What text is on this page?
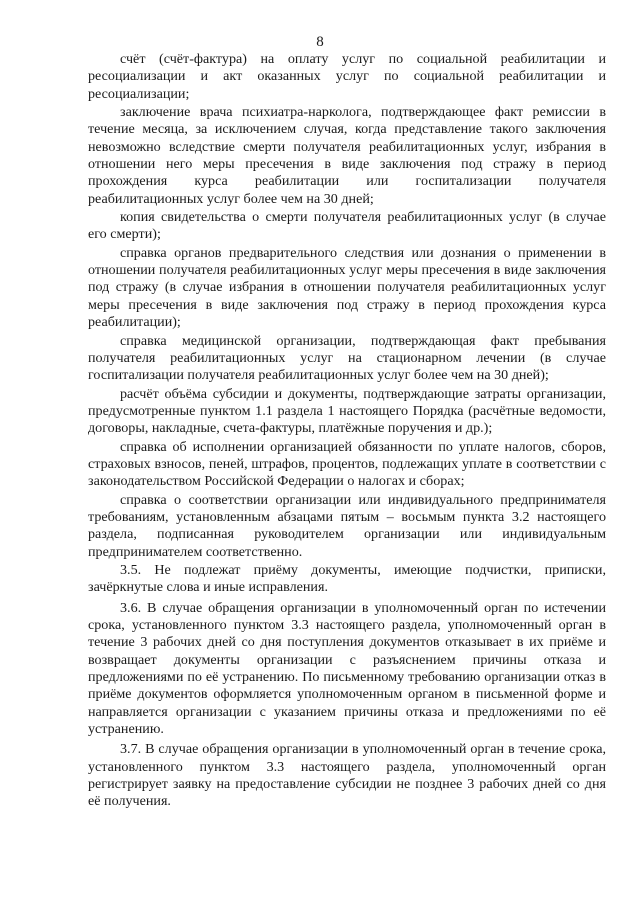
8

счёт (счёт-фактура) на оплату услуг по социальной реабилитации и ресоциализации и акт оказанных услуг по социальной реабилитации и ресоциализации;

заключение врача психиатра-нарколога, подтверждающее факт ремиссии в течение месяца, за исключением случая, когда представление такого заключения невозможно вследствие смерти получателя реабилитационных услуг, избрания в отношении него меры пресечения в виде заключения под стражу в период прохождения курса реабилитации или госпитализации получателя реабилитационных услуг более чем на 30 дней;

копия свидетельства о смерти получателя реабилитационных услуг (в случае его смерти);

справка органов предварительного следствия или дознания о применении в отношении получателя реабилитационных услуг меры пресечения в виде заключения под стражу (в случае избрания в отношении получателя реабилитационных услуг меры пресечения в виде заключения под стражу в период прохождения курса реабилитации);

справка медицинской организации, подтверждающая факт пребывания получателя реабилитационных услуг на стационарном лечении (в случае госпитализации получателя реабилитационных услуг более чем на 30 дней);

расчёт объёма субсидии и документы, подтверждающие затраты организации, предусмотренные пунктом 1.1 раздела 1 настоящего Порядка (расчётные ведомости, договоры, накладные, счета-фактуры, платёжные поручения и др.);

справка об исполнении организацией обязанности по уплате налогов, сборов, страховых взносов, пеней, штрафов, процентов, подлежащих уплате в соответствии с законодательством Российской Федерации о налогах и сборах;

справка о соответствии организации или индивидуального предпринимателя требованиям, установленным абзацами пятым – восьмым пункта 3.2 настоящего раздела, подписанная руководителем организации или индивидуальным предпринимателем соответственно.

3.5. Не подлежат приёму документы, имеющие подчистки, приписки, зачёркнутые слова и иные исправления.

3.6. В случае обращения организации в уполномоченный орган по истечении срока, установленного пунктом 3.3 настоящего раздела, уполномоченный орган в течение 3 рабочих дней со дня поступления документов отказывает в их приёме и возвращает документы организации с разъяснением причины отказа и предложениями по её устранению. По письменному требованию организации отказ в приёме документов оформляется уполномоченным органом в письменной форме и направляется организации с указанием причины отказа и предложениями по её устранению.

3.7. В случае обращения организации в уполномоченный орган в течение срока, установленного пунктом 3.3 настоящего раздела, уполномоченный орган регистрирует заявку на предоставление субсидии не позднее 3 рабочих дней со дня её получения.
